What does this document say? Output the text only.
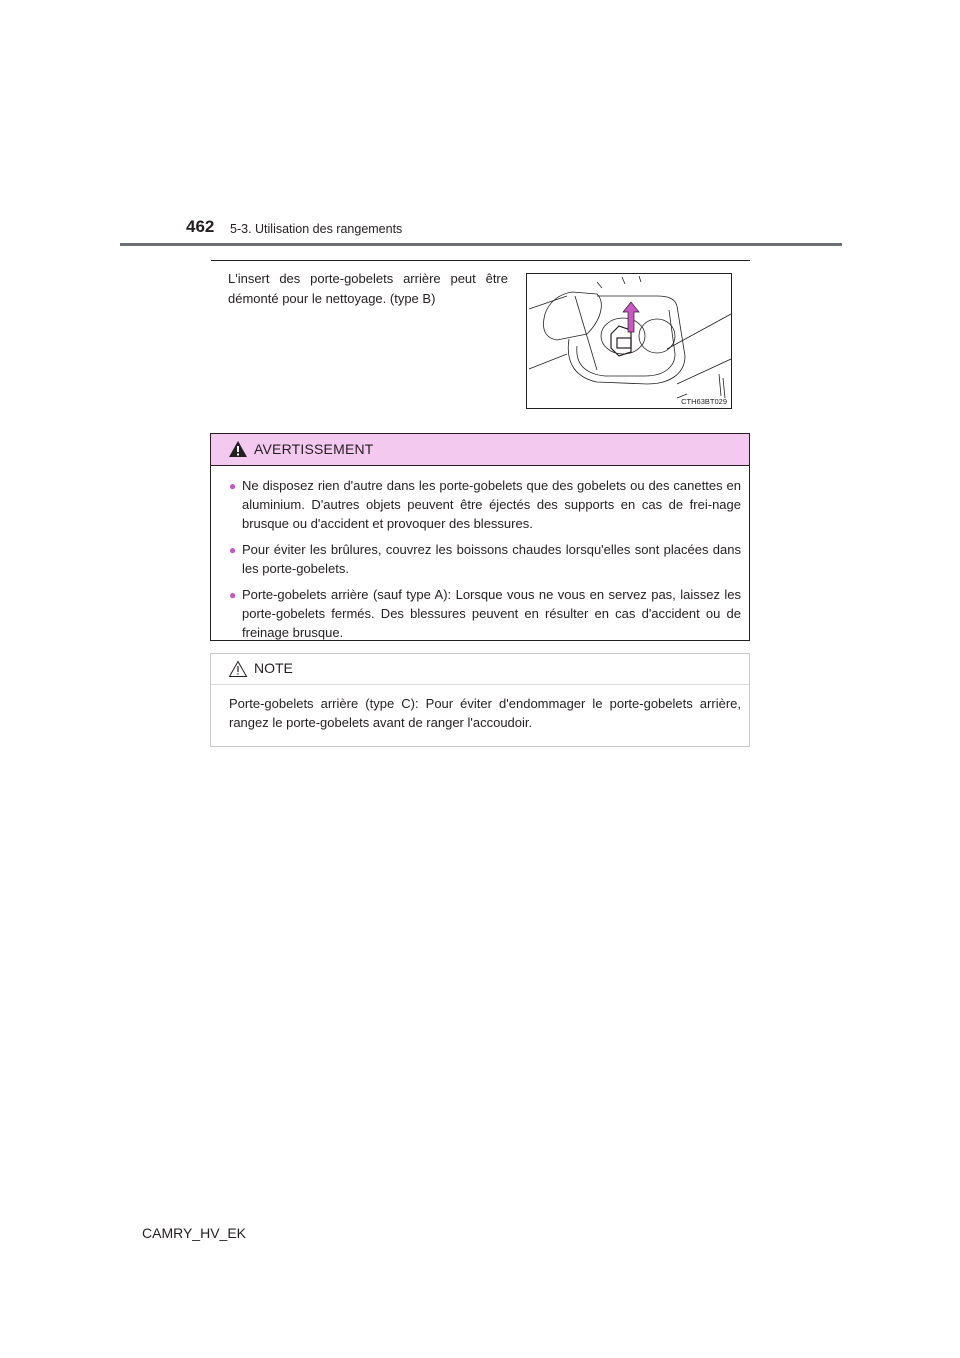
462 5-3. Utilisation des rangements
L'insert des porte-gobelets arrière peut être démonté pour le nettoyage. (type B)
CTH63BT029
AVERTISSEMENT
● Ne disposez rien d'autre dans les porte-gobelets que des gobelets ou des canettes en aluminium. D'autres objets peuvent être éjectés des supports en cas de frei-nage brusque ou d'accident et provoquer des blessures.
● Pour éviter les brûlures, couvrez les boissons chaudes lorsqu'elles sont placées dans les porte-gobelets.
● Porte-gobelets arrière (sauf type A): Lorsque vous ne vous en servez pas, laissez les porte-gobelets fermés. Des blessures peuvent en résulter en cas d'accident ou de freinage brusque.
NOTE
Porte-gobelets arrière (type C): Pour éviter d'endommager le porte-gobelets arrière, rangez le porte-gobelets avant de ranger l'accoudoir.
CAMRY_HV_EK
